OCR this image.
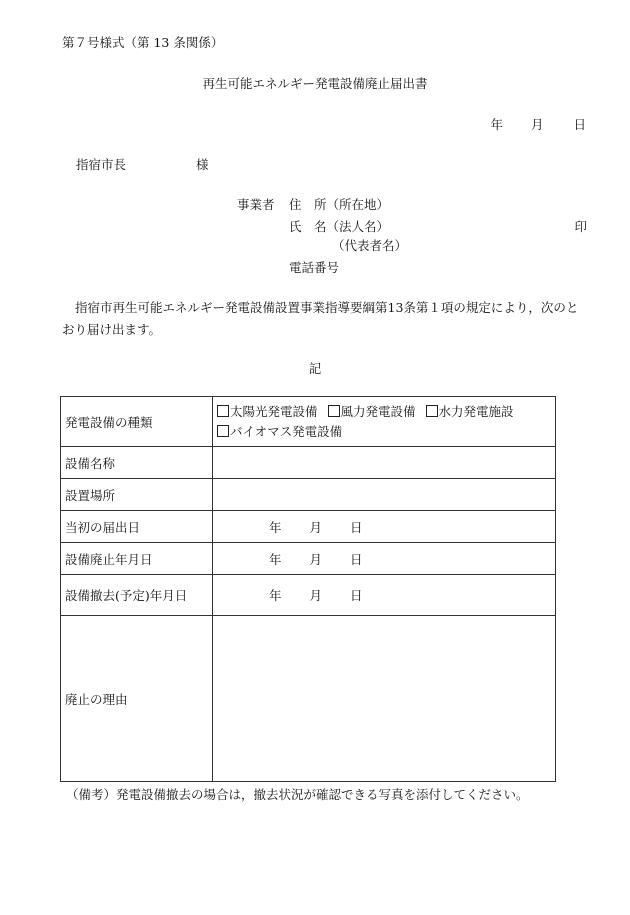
第７号様式（第 13 条関係）
再生可能エネルギー発電設備廃止届出書
年 月 日
指宿市長	様
事業者 住　所（所在地）
氏　名（法人名）
（代表者名）
電話番号
印
指宿市再生可能エネルギー発電設備設置事業指導要綱第13条第１項の規定により，次のとおり届け出ます。
記
発電設備の種類	太陽光発電設備 風力発電設備 水力発電施設
バイオマス発電設備
設備名称	
設置場所	
当初の届出日	年 月 日
設備廃止年月日	年 月 日
設備撤去(予定)年月日	年 月 日
廃止の理由	
（備考）発電設備撤去の場合は，撤去状況が確認できる写真を添付してください。
